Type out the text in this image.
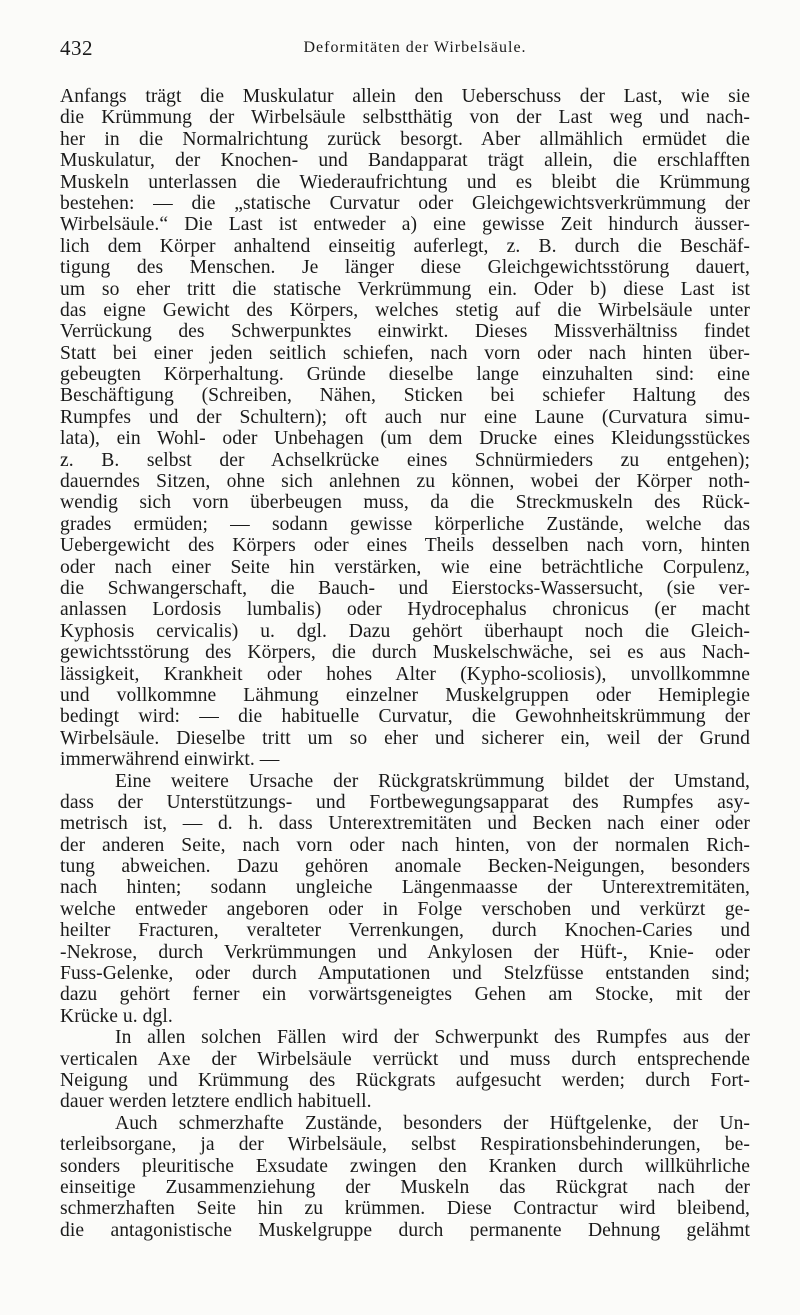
432	Deformitäten der Wirbelsäule.
Anfangs trägt die Muskulatur allein den Ueberschuss der Last, wie sie
die Krümmung der Wirbelsäule selbstthätig von der Last weg und nach-
her in die Normalrichtung zurück besorgt. Aber allmählich ermüdet die
Muskulatur, der Knochen- und Bandapparat trägt allein, die erschlafften
Muskeln unterlassen die Wiederaufrichtung und es bleibt die Krümmung
bestehen: — die „statische Curvatur oder Gleichgewichtsverkrümmung der
Wirbelsäule.“ Die Last ist entweder a) eine gewisse Zeit hindurch äusser-
lich dem Körper anhaltend einseitig auferlegt, z. B. durch die Beschäf-
tigung des Menschen. Je länger diese Gleichgewichtsstörung dauert,
um so eher tritt die statische Verkrümmung ein. Oder b) diese Last ist
das eigne Gewicht des Körpers, welches stetig auf die Wirbelsäule unter
Verrückung des Schwerpunktes einwirkt. Dieses Missverhältniss findet
Statt bei einer jeden seitlich schiefen, nach vorn oder nach hinten über-
gebeugten Körperhaltung. Gründe dieselbe lange einzuhalten sind: eine
Beschäftigung (Schreiben, Nähen, Sticken bei schiefer Haltung des
Rumpfes und der Schultern); oft auch nur eine Laune (Curvatura simu-
lata), ein Wohl- oder Unbehagen (um dem Drucke eines Kleidungsstückes
z. B. selbst der Achselkrücke eines Schnürmieders zu entgehen);
dauerndes Sitzen, ohne sich anlehnen zu können, wobei der Körper noth-
wendig sich vorn überbeugen muss, da die Streckmuskeln des Rück-
grades ermüden; — sodann gewisse körperliche Zustände, welche das
Uebergewicht des Körpers oder eines Theils desselben nach vorn, hinten
oder nach einer Seite hin verstärken, wie eine beträchtliche Corpulenz,
die Schwangerschaft, die Bauch- und Eierstocks-Wassersucht, (sie ver-
anlassen Lordosis lumbalis) oder Hydrocephalus chronicus (er macht
Kyphosis cervicalis) u. dgl. Dazu gehört überhaupt noch die Gleich-
gewichtsstörung des Körpers, die durch Muskelschwäche, sei es aus Nach-
lässigkeit, Krankheit oder hohes Alter (Kypho-scoliosis), unvollkommne
und vollkommne Lähmung einzelner Muskelgruppen oder Hemiplegie
bedingt wird: — die habituelle Curvatur, die Gewohnheitskrümmung der
Wirbelsäule. Dieselbe tritt um so eher und sicherer ein, weil der Grund
immerwährend einwirkt. —
Eine weitere Ursache der Rückgratskrümmung bildet der Umstand,
dass der Unterstützungs- und Fortbewegungsapparat des Rumpfes asy-
metrisch ist, — d. h. dass Unterextremitäten und Becken nach einer oder
der anderen Seite, nach vorn oder nach hinten, von der normalen Rich-
tung abweichen. Dazu gehören anomale Becken-Neigungen, besonders
nach hinten; sodann ungleiche Längenmaasse der Unterextremitäten,
welche entweder angeboren oder in Folge verschoben und verkürzt ge-
heilter Fracturen, veralteter Verrenkungen, durch Knochen-Caries und
-Nekrose, durch Verkrümmungen und Ankylosen der Hüft-, Knie- oder
Fuss-Gelenke, oder durch Amputationen und Stelzfüsse entstanden sind;
dazu gehört ferner ein vorwärtsgeneigtes Gehen am Stocke, mit der
Krücke u. dgl.
In allen solchen Fällen wird der Schwerpunkt des Rumpfes aus der
verticalen Axe der Wirbelsäule verrückt und muss durch entsprechende
Neigung und Krümmung des Rückgrats aufgesucht werden; durch Fort-
dauer werden letztere endlich habituell.
Auch schmerzhafte Zustände, besonders der Hüftgelenke, der Un-
terleibsorgane, ja der Wirbelsäule, selbst Respirationsbehinderungen, be-
sonders pleuritische Exsudate zwingen den Kranken durch willkührliche
einseitige Zusammenziehung der Muskeln das Rückgrat nach der
schmerzhaften Seite hin zu krümmen. Diese Contractur wird bleibend,
die antagonistische Muskelgruppe durch permanente Dehnung gelähmt
